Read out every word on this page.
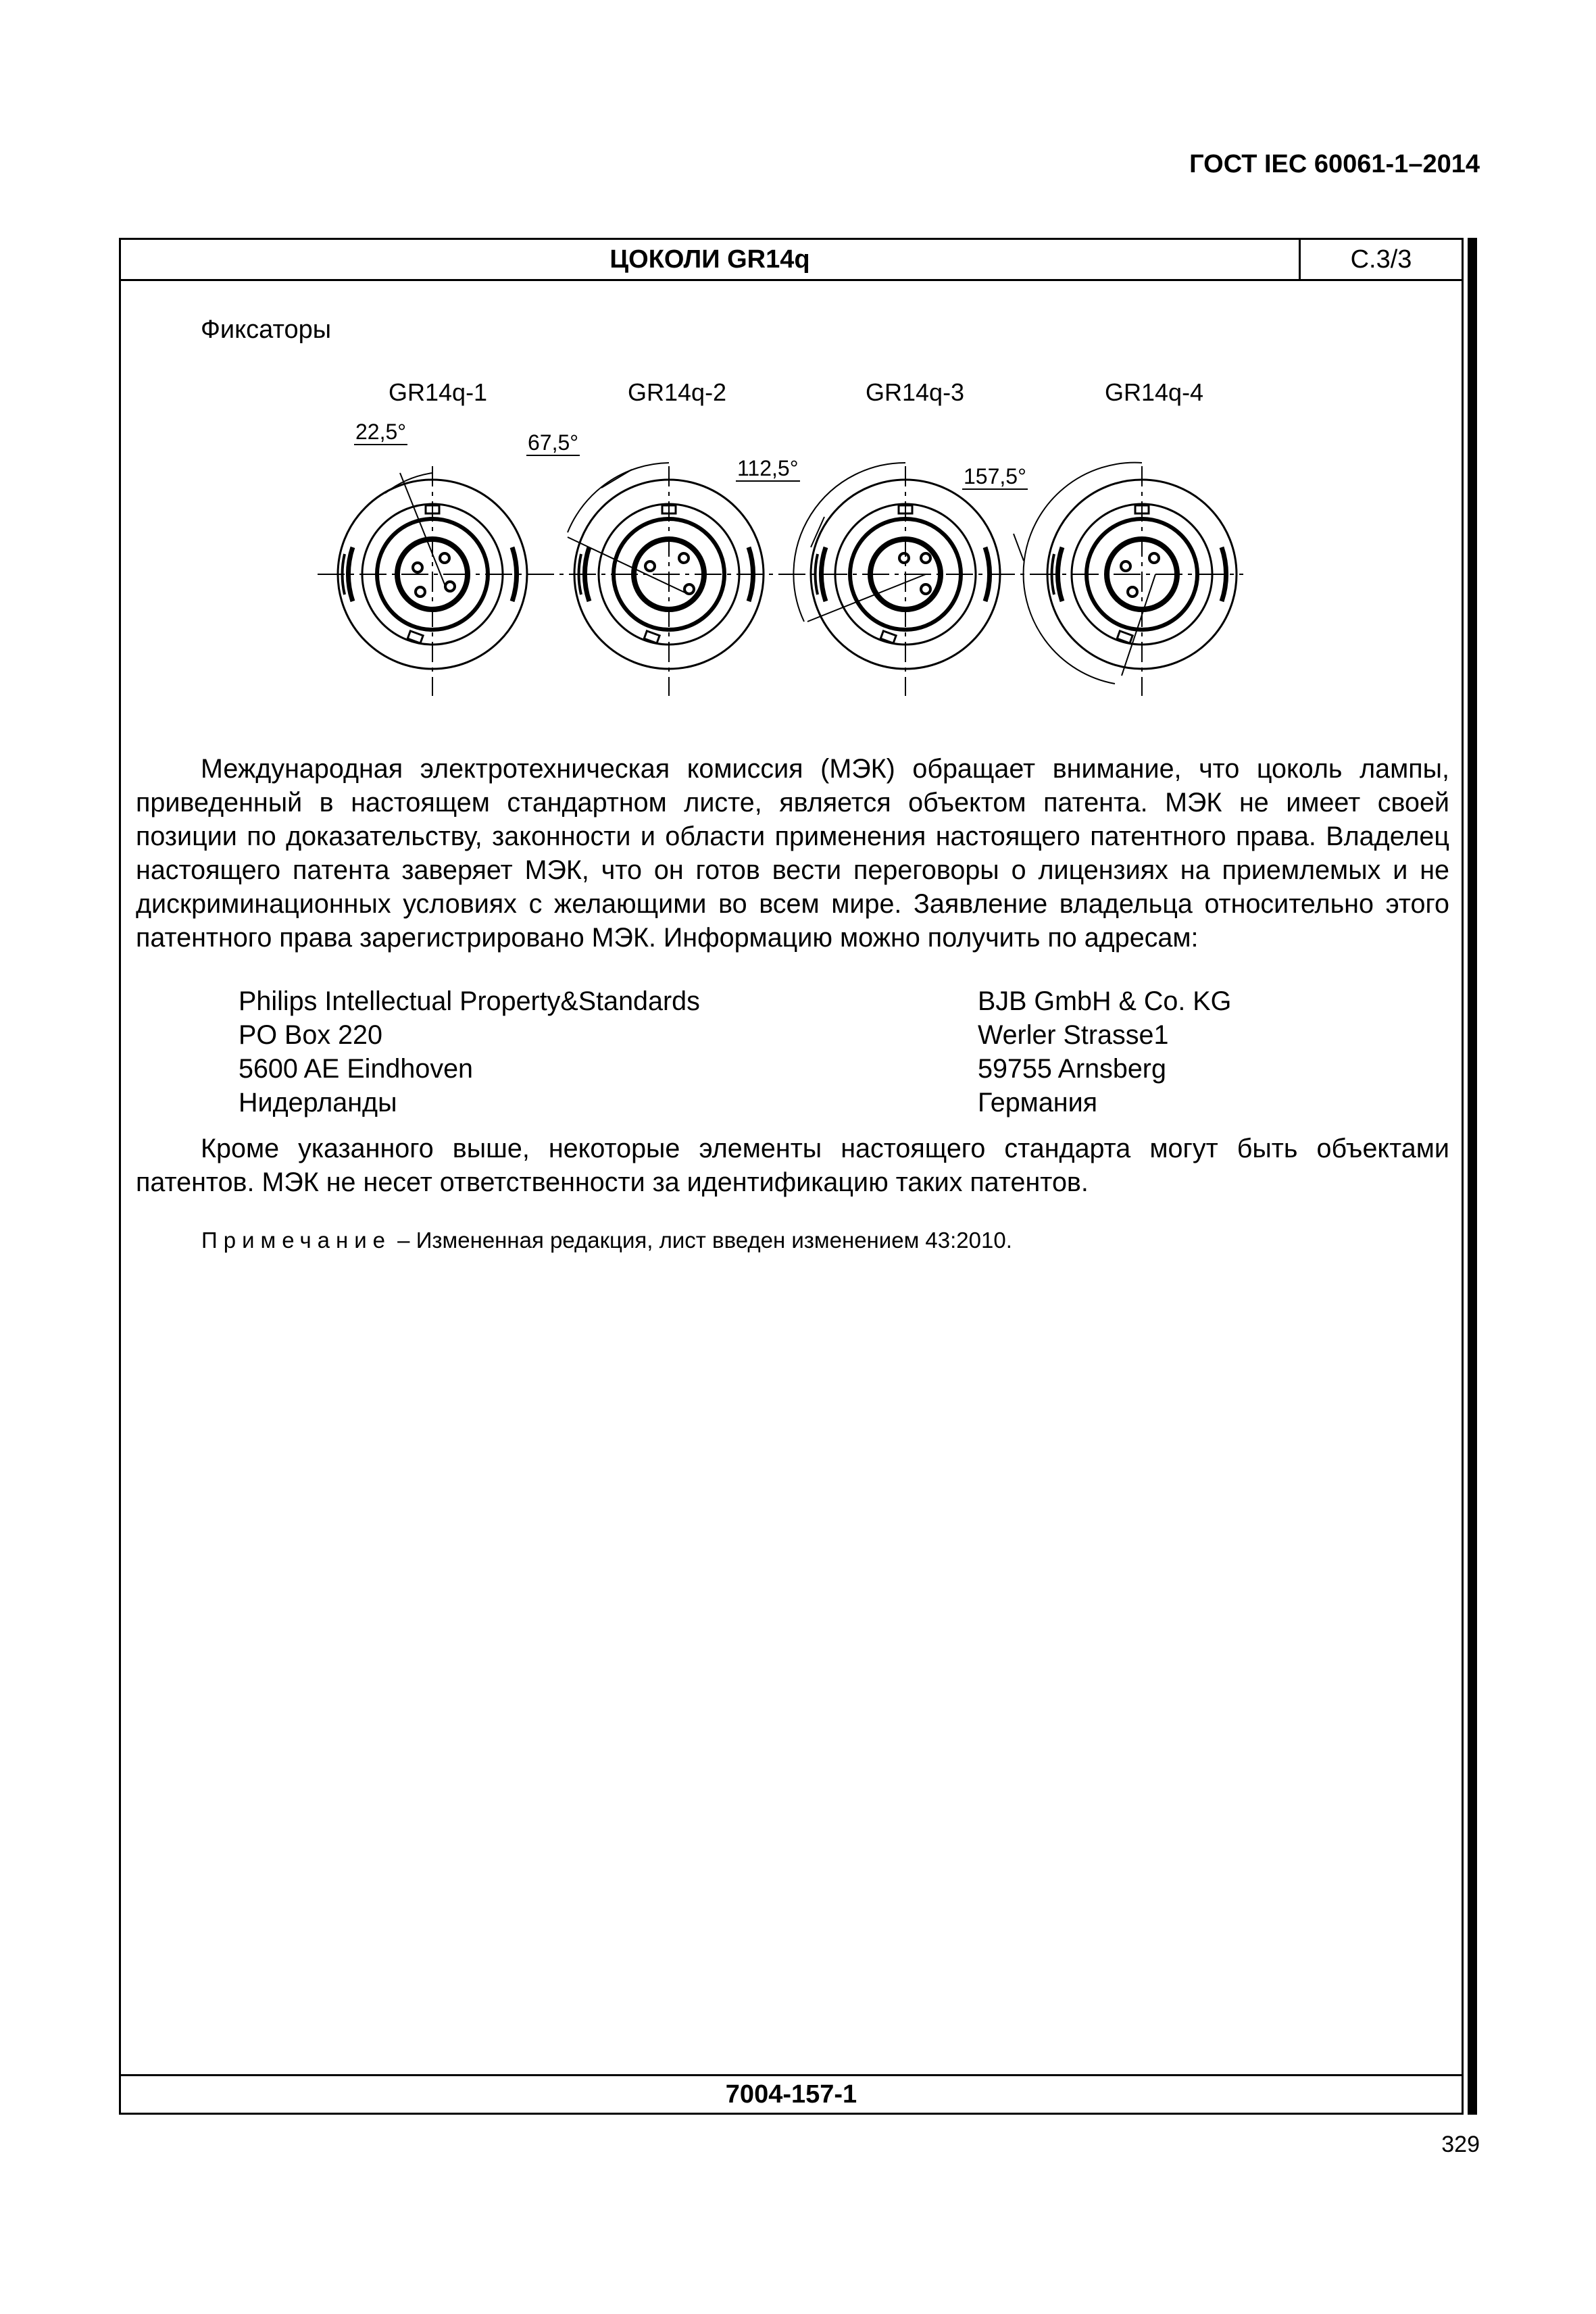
ГОСТ IEC 60061-1–2014
ЦОКОЛИ GR14q	С.3/3
Фиксаторы
GR14q-1	GR14q-2	GR14q-3	GR14q-4
22,5°	67,5°
112,5°	157,5°
Международная электротехническая комиссия (МЭК) обращает внимание, что цоколь лампы, приведенный в настоящем стандартном листе, является объектом патента. МЭК не имеет своей позиции по доказательству, законности и области применения настоящего патентного права. Владелец настоящего патента заверяет МЭК, что он готов вести переговоры о лицензиях на приемлемых и не дискриминационных условиях с желающими во всем мире. Заявление владельца относительно этого патентного права зарегистрировано МЭК. Информацию можно получить по адресам:
Philips Intellectual Property&Standards
PO Box 220
5600 AE Eindhoven
Нидерланды
BJB GmbH & Co. KG
Werler Strasse1
59755 Arnsberg
Германия
Кроме указанного выше, некоторые элементы настоящего стандарта могут быть объектами патентов. МЭК не несет ответственности за идентификацию таких патентов.
Примечание – Измененная редакция, лист введен изменением 43:2010.
7004-157-1
329
